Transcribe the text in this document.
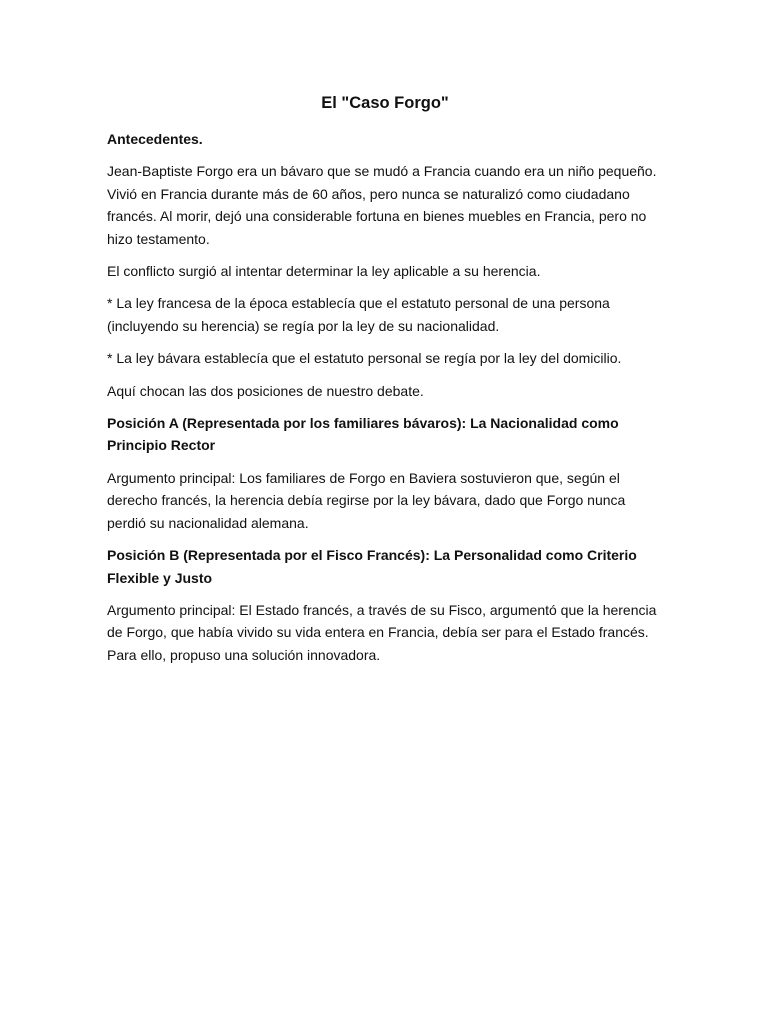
El "Caso Forgo"

Antecedentes.

Jean-Baptiste Forgo era un bávaro que se mudó a Francia cuando era un niño pequeño. Vivió en Francia durante más de 60 años, pero nunca se naturalizó como ciudadano francés. Al morir, dejó una considerable fortuna en bienes muebles en Francia, pero no hizo testamento.

El conflicto surgió al intentar determinar la ley aplicable a su herencia.

* La ley francesa de la época establecía que el estatuto personal de una persona (incluyendo su herencia) se regía por la ley de su nacionalidad.

* La ley bávara establecía que el estatuto personal se regía por la ley del domicilio.

Aquí chocan las dos posiciones de nuestro debate.

Posición A (Representada por los familiares bávaros): La Nacionalidad como Principio Rector

Argumento principal: Los familiares de Forgo en Baviera sostuvieron que, según el derecho francés, la herencia debía regirse por la ley bávara, dado que Forgo nunca perdió su nacionalidad alemana.

Posición B (Representada por el Fisco Francés): La Personalidad como Criterio Flexible y Justo

Argumento principal: El Estado francés, a través de su Fisco, argumentó que la herencia de Forgo, que había vivido su vida entera en Francia, debía ser para el Estado francés. Para ello, propuso una solución innovadora.
